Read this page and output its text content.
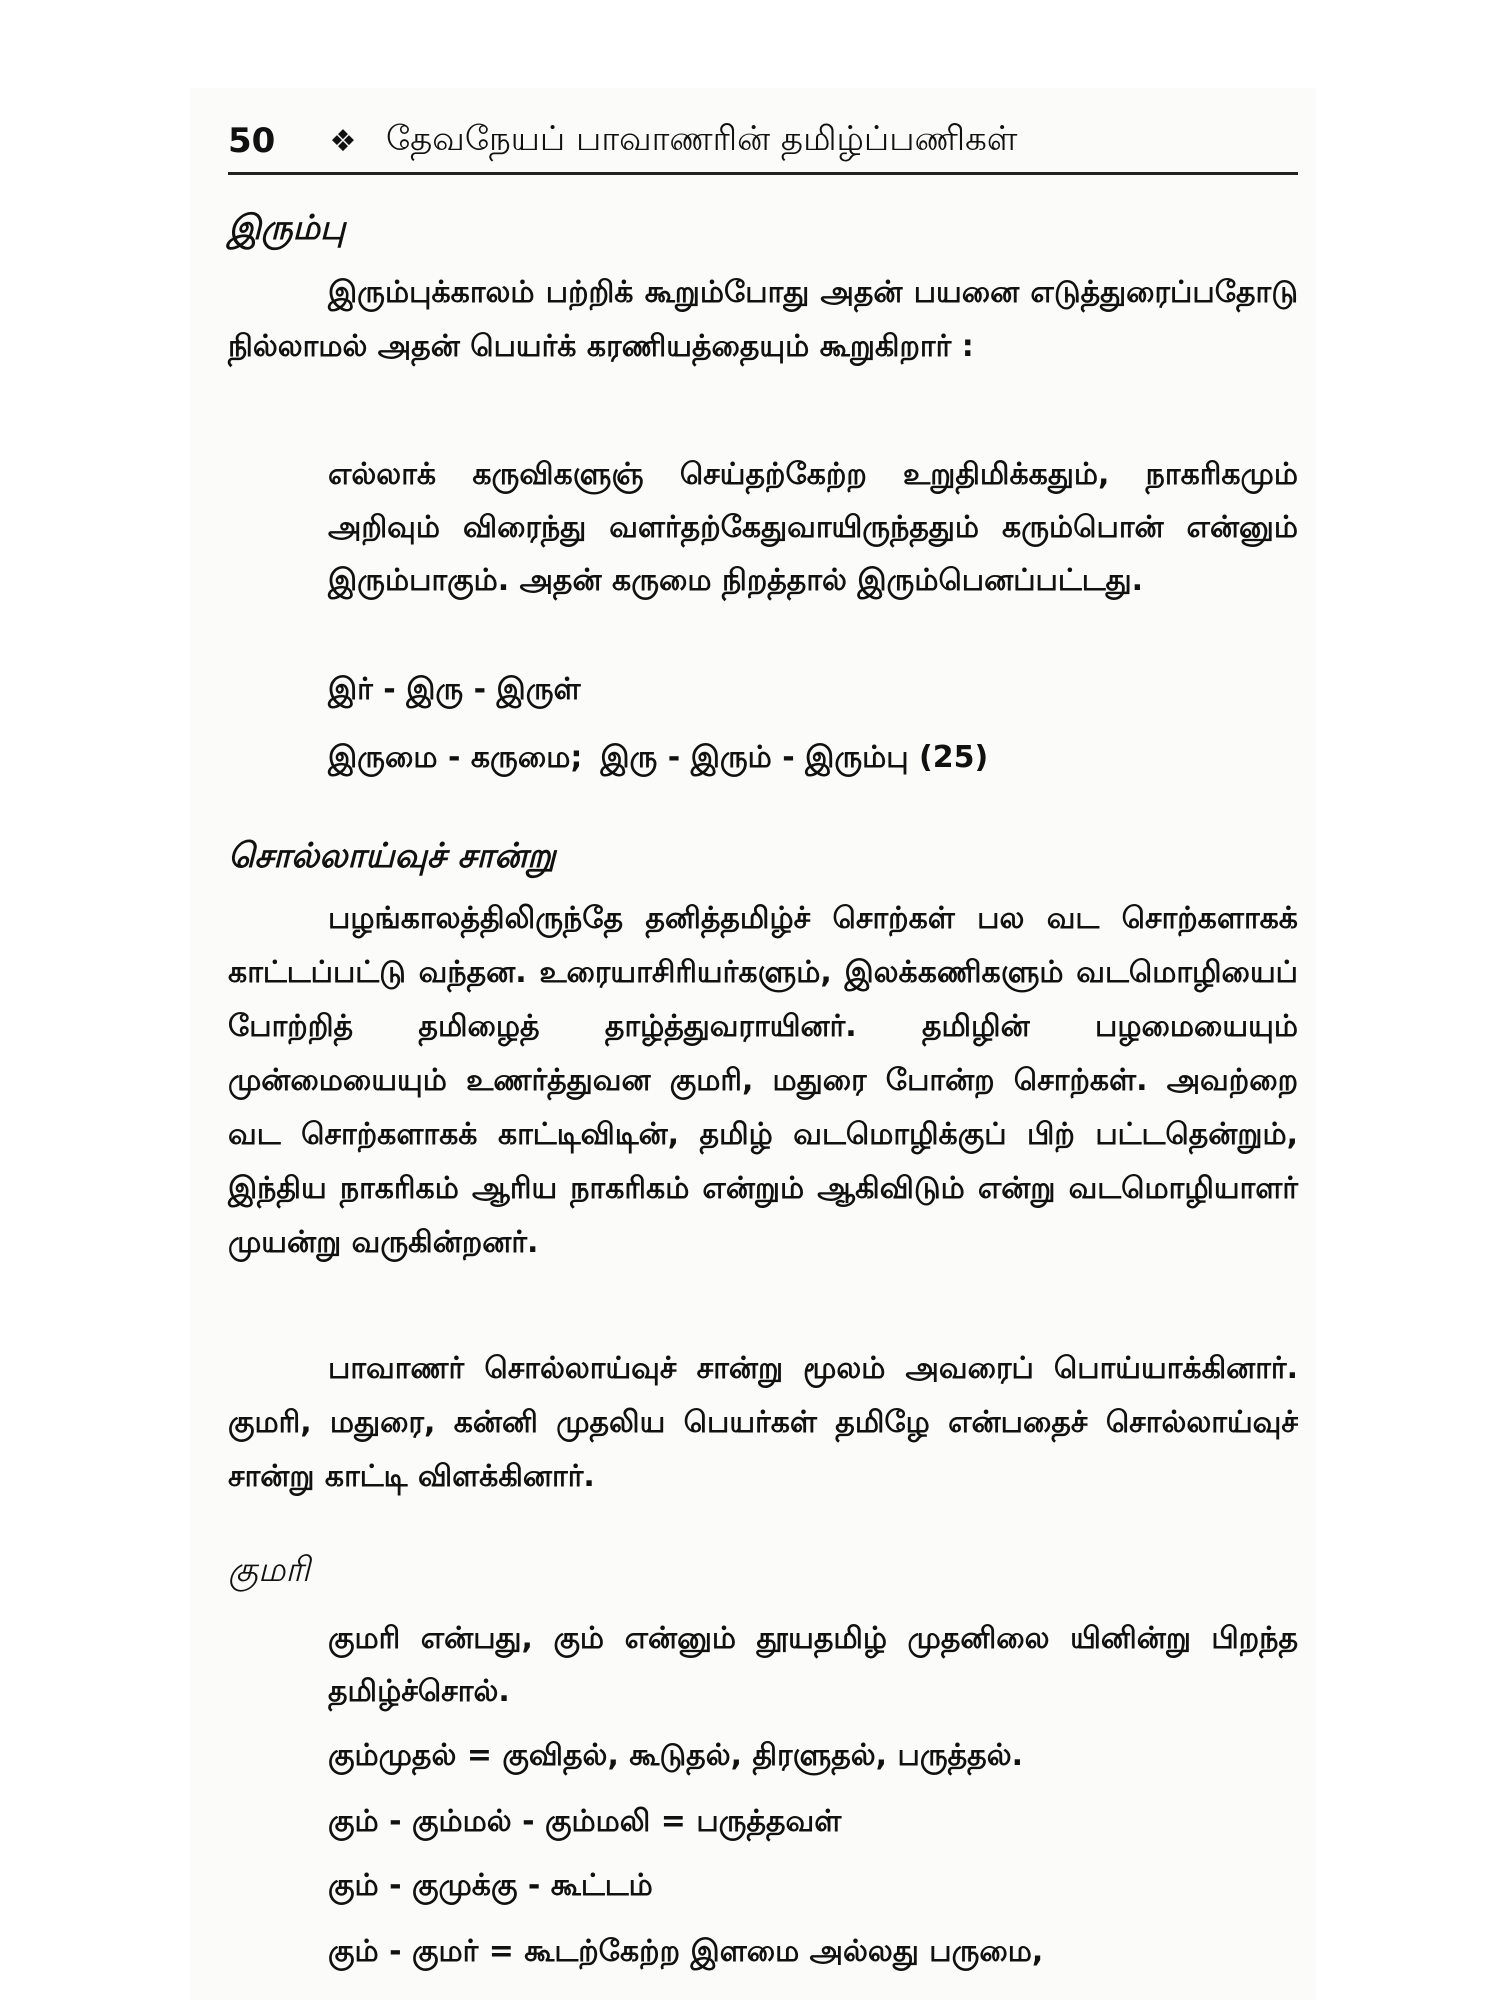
50	❖ தேவநேயப் பாவாணரின் தமிழ்ப்பணிகள்
இரும்பு

இரும்புக்காலம் பற்றிக் கூறும்போது அதன் பயனை எடுத்துரைப்பதோடு நில்லாமல் அதன் பெயர்க் கரணியத்தையும் கூறுகிறார் :

எல்லாக் கருவிகளுஞ் செய்தற்கேற்ற உறுதிமிக்கதும், நாகரிகமும் அறிவும் விரைந்து வளர்தற்கேதுவாயிருந்ததும் கரும்பொன் என்னும் இரும்பாகும். அதன் கருமை நிறத்தால் இரும்பெனப்பட்டது.

இர் - இரு - இருள்
இருமை - கருமை; இரு - இரும் - இரும்பு (25)
சொல்லாய்வுச் சான்று

பழங்காலத்திலிருந்தே தனித்தமிழ்ச் சொற்கள் பல வட சொற்களாகக் காட்டப்பட்டு வந்தன. உரையாசிரியர்களும், இலக்கணிகளும் வடமொழியைப் போற்றித் தமிழைத் தாழ்த்துவராயினர். தமிழின் பழமையையும் முன்மையையும் உணர்த்துவன குமரி, மதுரை போன்ற சொற்கள். அவற்றை வட சொற்களாகக் காட்டிவிடின், தமிழ் வடமொழிக்குப் பிற் பட்டதென்றும், இந்திய நாகரிகம் ஆரிய நாகரிகம் என்றும் ஆகிவிடும் என்று வடமொழியாளர் முயன்று வருகின்றனர்.

பாவாணர் சொல்லாய்வுச் சான்று மூலம் அவரைப் பொய்யாக்கினார். குமரி, மதுரை, கன்னி முதலிய பெயர்கள் தமிழே என்பதைச் சொல்லாய்வுச் சான்று காட்டி விளக்கினார்.

குமரி

குமரி என்பது, கும் என்னும் தூயதமிழ் முதனிலை யினின்று பிறந்த தமிழ்ச்சொல்.

கும்முதல் = குவிதல், கூடுதல், திரளுதல், பருத்தல்.
கும் - கும்மல் - கும்மலி = பருத்தவள்
கும் - குமுக்கு - கூட்டம்
கும் - குமர் = கூடற்கேற்ற இளமை அல்லது பருமை,
